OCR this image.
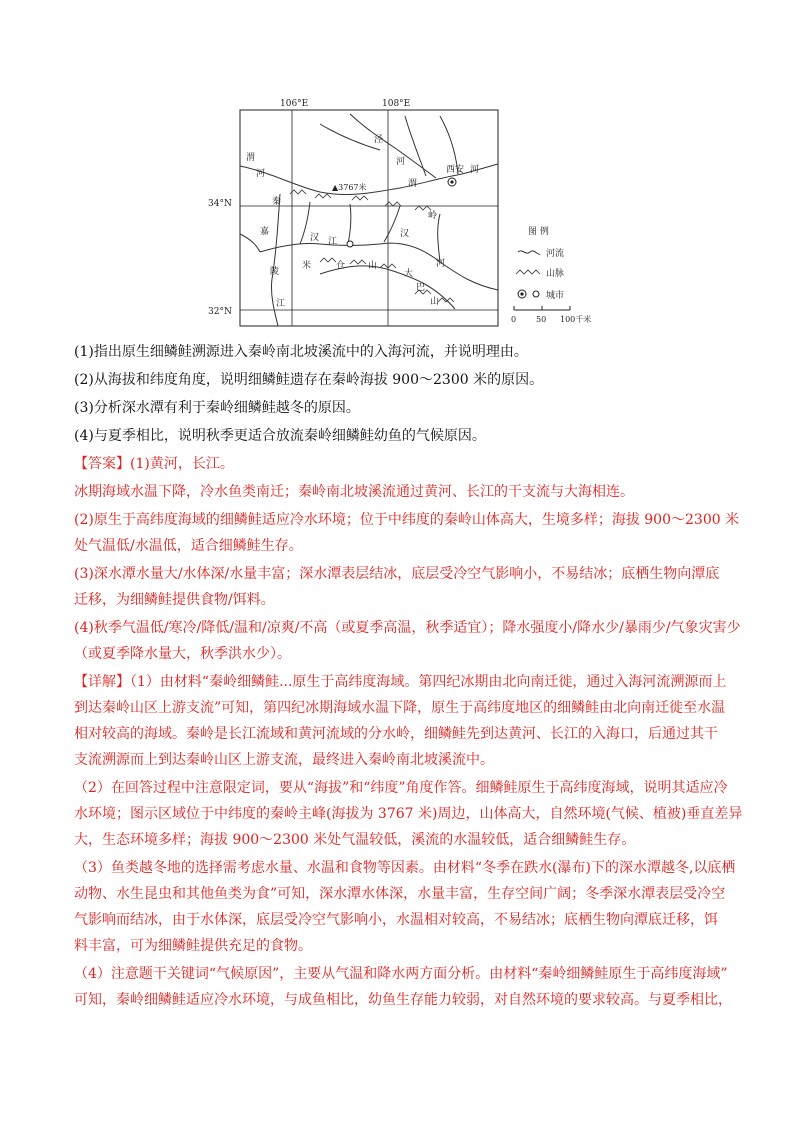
106°E	108°E
34°N
32°N
渭
河
泾
河
渭
西安 河
秦
岭
▲3767米
嘉
陵
江
汉 江
汉
米	仓	山
大
巴
山
河
图 例
河流
山脉
城市
0 50 100千米
(1)指出原生细鳞鲑溯源进入秦岭南北坡溪流中的入海河流，并说明理由。
(2)从海拔和纬度角度，说明细鳞鲑遗存在秦岭海拔 900～2300 米的原因。
(3)分析深水潭有利于秦岭细鳞鲑越冬的原因。
(4)与夏季相比，说明秋季更适合放流秦岭细鳞鲑幼鱼的气候原因。
【答案】(1)黄河，长江。
冰期海域水温下降，冷水鱼类南迁；秦岭南北坡溪流通过黄河、长江的干支流与大海相连。
(2)原生于高纬度海域的细鳞鲑适应冷水环境；位于中纬度的秦岭山体高大，生境多样；海拔 900～2300 米
处气温低/水温低，适合细鳞鲑生存。
(3)深水潭水量大/水体深/水量丰富；深水潭表层结冰，底层受冷空气影响小，不易结冰；底栖生物向潭底
迁移，为细鳞鲑提供食物/饵料。
(4)秋季气温低/寒冷/降低/温和/凉爽/不高（或夏季高温，秋季适宜）；降水强度小/降水少/暴雨少/气象灾害少
（或夏季降水量大，秋季洪水少）。
【详解】（1）由材料“秦岭细鳞鲑...原生于高纬度海域。第四纪冰期由北向南迁徙，通过入海河流溯源而上
到达秦岭山区上游支流”可知，第四纪冰期海域水温下降，原生于高纬度地区的细鳞鲑由北向南迁徙至水温
相对较高的海域。秦岭是长江流域和黄河流域的分水岭，细鳞鲑先到达黄河、长江的入海口，后通过其干
支流溯源而上到达秦岭山区上游支流，最终进入秦岭南北坡溪流中。
（2）在回答过程中注意限定词，要从“海拔”和“纬度”角度作答。细鳞鲑原生于高纬度海域，说明其适应冷
水环境；图示区域位于中纬度的秦岭主峰(海拔为 3767 米)周边，山体高大，自然环境(气候、植被)垂直差异
大，生态环境多样；海拔 900～2300 米处气温较低，溪流的水温较低，适合细鳞鲑生存。
（3）鱼类越冬地的选择需考虑水量、水温和食物等因素。由材料“冬季在跌水(瀑布)下的深水潭越冬,以底栖
动物、水生昆虫和其他鱼类为食”可知，深水潭水体深，水量丰富，生存空间广阔；冬季深水潭表层受冷空
气影响而结冰，由于水体深，底层受冷空气影响小，水温相对较高，不易结冰；底栖生物向潭底迁移，饵
料丰富，可为细鳞鲑提供充足的食物。
（4）注意题干关键词“气候原因”，主要从气温和降水两方面分析。由材料“秦岭细鳞鲑原生于高纬度海域”
可知，秦岭细鳞鲑适应冷水环境，与成鱼相比，幼鱼生存能力较弱，对自然环境的要求较高。与夏季相比，
